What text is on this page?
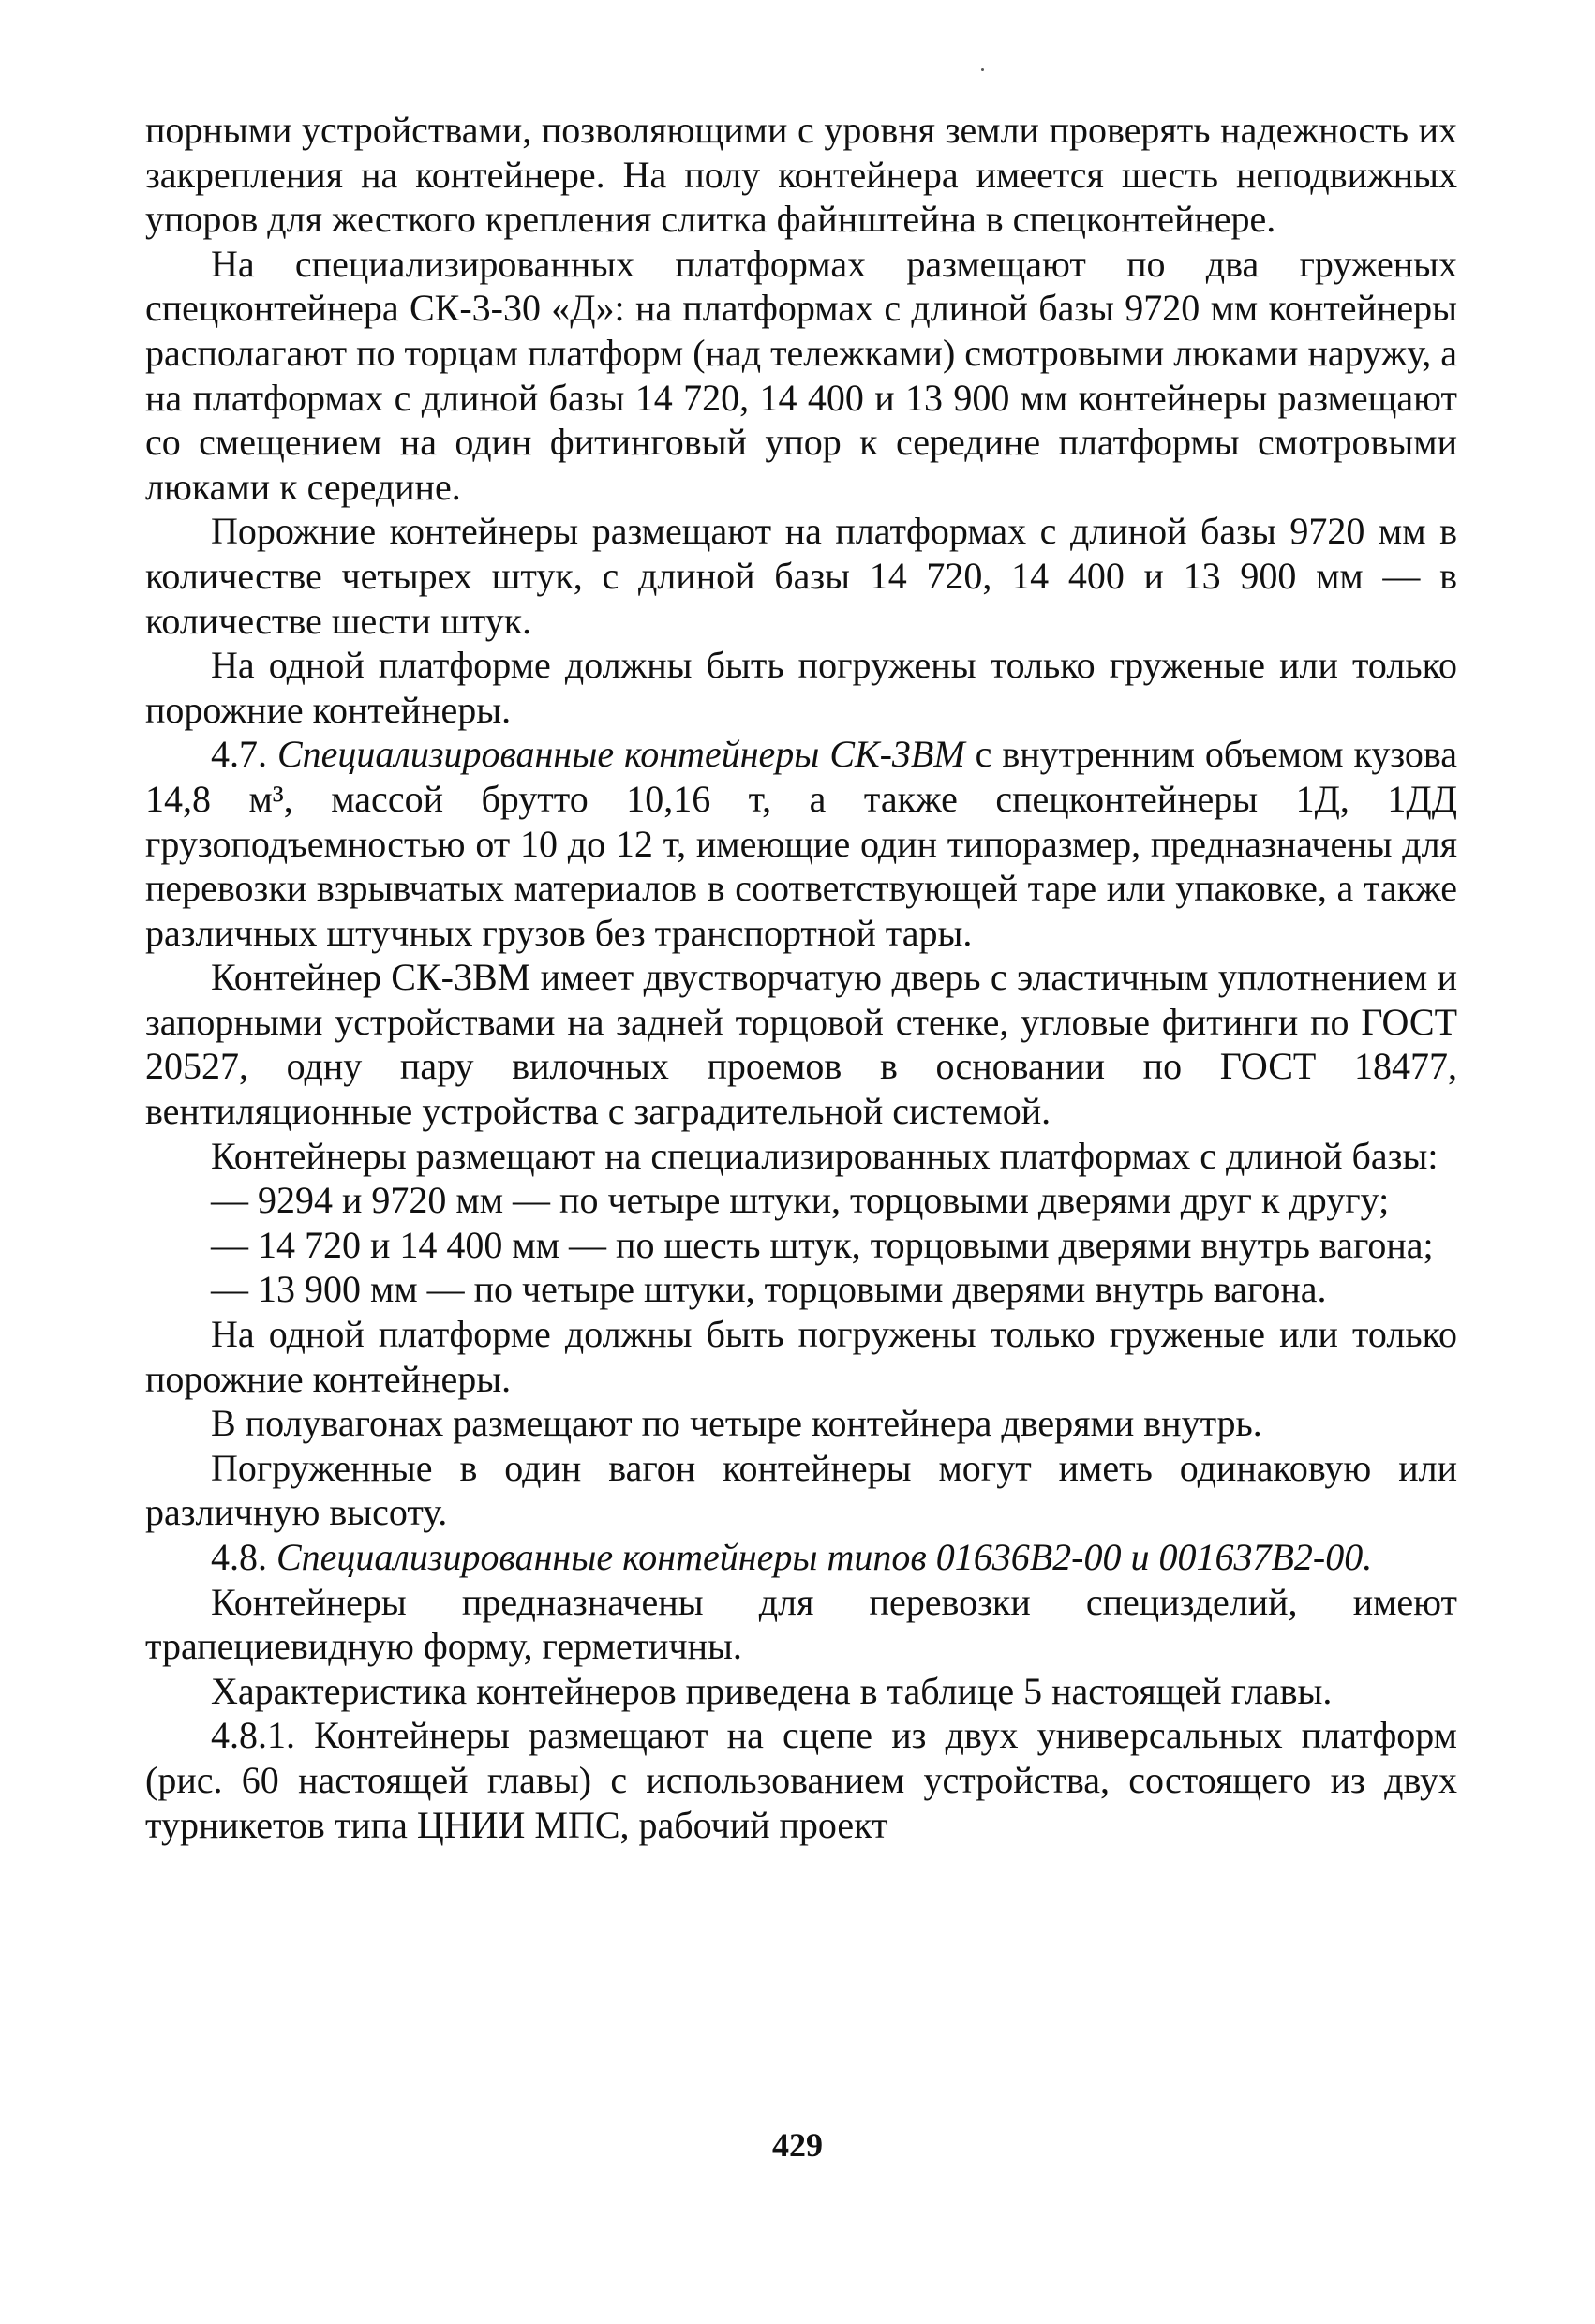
порными устройствами, позволяющими с уровня земли проверять надежность их закрепления на контейнере. На полу контейнера имеется шесть неподвижных упоров для жесткого крепления слитка файнштейна в спецконтейнере.

На специализированных платформах размещают по два груженых спецконтейнера СК-3-30 «Д»: на платформах с длиной базы 9720 мм контейнеры располагают по торцам платформ (над тележками) смотровыми люками наружу, а на платформах с длиной базы 14 720, 14 400 и 13 900 мм контейнеры размещают со смещением на один фитинговый упор к середине платформы смотровыми люками к середине.

Порожние контейнеры размещают на платформах с длиной базы 9720 мм в количестве четырех штук, с длиной базы 14 720, 14 400 и 13 900 мм — в количестве шести штук.

На одной платформе должны быть погружены только груженые или только порожние контейнеры.

4.7. Специализированные контейнеры СК-3ВМ с внутренним объемом кузова 14,8 м³, массой брутто 10,16 т, а также спецконтейнеры 1Д, 1ДД грузоподъемностью от 10 до 12 т, имеющие один типоразмер, предназначены для перевозки взрывчатых материалов в соответствующей таре или упаковке, а также различных штучных грузов без транспортной тары.

Контейнер СК-3ВМ имеет двустворчатую дверь с эластичным уплотнением и запорными устройствами на задней торцовой стенке, угловые фитинги по ГОСТ 20527, одну пару вилочных проемов в основании по ГОСТ 18477, вентиляционные устройства с заградительной системой.

Контейнеры размещают на специализированных платформах с длиной базы:

— 9294 и 9720 мм — по четыре штуки, торцовыми дверями друг к другу;

— 14 720 и 14 400 мм — по шесть штук, торцовыми дверями внутрь вагона;

— 13 900 мм — по четыре штуки, торцовыми дверями внутрь вагона.

На одной платформе должны быть погружены только груженые или только порожние контейнеры.

В полувагонах размещают по четыре контейнера дверями внутрь.

Погруженные в один вагон контейнеры могут иметь одинаковую или различную высоту.

4.8. Специализированные контейнеры типов 01636В2-00 и 001637В2-00.

Контейнеры предназначены для перевозки специзделий, имеют трапециевидную форму, герметичны.

Характеристика контейнеров приведена в таблице 5 настоящей главы.

4.8.1. Контейнеры размещают на сцепе из двух универсальных платформ (рис. 60 настоящей главы) с использованием устройства, состоящего из двух турникетов типа ЦНИИ МПС, рабочий проект

429
